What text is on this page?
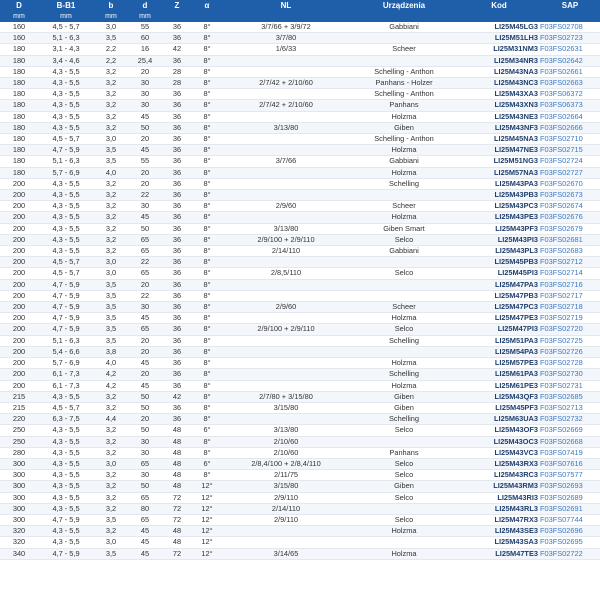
D	B-B1	b	d	Z	α	NL	Urządzenia	Kod	SAP
mm	mm	mm	mm						
160	4,5 - 5,7	3,0	55	36	8°	3/7/66 + 3/9/72	Gabbiani	LI25M45LG3	F03FS02708
160	5,1 - 6,3	3,5	60	36	8°	3/7/80		LI25M51LH3	F03FS02723
180	3,1 - 4,3	2,2	16	42	8°	1/6/33	Scheer	LI25M31NM3	F03FS02631
180	3,4 - 4,6	2,2	25,4	36	8°			LI25M34NR3	F03FS02642
180	4,3 - 5,5	3,2	20	28	8°		Schelling - Anthon	LI25M43NA3	F03FS02661
180	4,3 - 5,5	3,2	30	28	8°	2/7/42 + 2/10/60	Panhans - Holzer	LI25M43NC3	F03FS02663
180	4,3 - 5,5	3,2	30	36	8°		Schelling - Anthon	LI25M43XA3	F03FS06372
180	4,3 - 5,5	3,2	30	36	8°	2/7/42 + 2/10/60	Panhans	LI25M43XN3	F03FS06373
180	4,3 - 5,5	3,2	45	36	8°		Holzma	LI25M43NE3	F03FS02664
180	4,3 - 5,5	3,2	50	36	8°	3/13/80	Giben	LI25M43NF3	F03FS02666
180	4,5 - 5,7	3,0	20	36	8°		Schelling - Anthon	LI25M45NA3	F03FS02710
180	4,7 - 5,9	3,5	45	36	8°		Holzma	LI25M47NE3	F03FS02715
180	5,1 - 6,3	3,5	55	36	8°	3/7/66	Gabbiani	LI25M51NG3	F03FS02724
180	5,7 - 6,9	4,0	20	36	8°		Holzma	LI25M57NA3	F03FS02727
200	4,3 - 5,5	3,2	20	36	8°		Schelling	LI25M43PA3	F03FS02670
200	4,3 - 5,5	3,2	22	36	8°			LI25M43PB3	F03FS02673
200	4,3 - 5,5	3,2	30	36	8°	2/9/60	Scheer	LI25M43PC3	F03FS02674
200	4,3 - 5,5	3,2	45	36	8°		Holzma	LI25M43PE3	F03FS02676
200	4,3 - 5,5	3,2	50	36	8°	3/13/80	Giben Smart	LI25M43PF3	F03FS02679
200	4,3 - 5,5	3,2	65	36	8°	2/9/100 + 2/9/110	Selco	LI25M43PI3	F03FS02681
200	4,3 - 5,5	3,2	65	36	8°	2/14/110	Gabbiani	LI25M43PL3	F03FS02683
200	4,5 - 5,7	3,0	22	36	8°			LI25M45PB3	F03FS02712
200	4,5 - 5,7	3,0	65	36	8°	2/8,5/110	Selco	LI25M45PI3	F03FS02714
200	4,7 - 5,9	3,5	20	36	8°			LI25M47PA3	F03FS02716
200	4,7 - 5,9	3,5	22	36	8°			LI25M47PB3	F03FS02717
200	4,7 - 5,9	3,5	30	36	8°	2/9/60	Scheer	LI25M47PC3	F03FS02718
200	4,7 - 5,9	3,5	45	36	8°		Holzma	LI25M47PE3	F03FS02719
200	4,7 - 5,9	3,5	65	36	8°	2/9/100 + 2/9/110	Selco	LI25M47PI3	F03FS02720
200	5,1 - 6,3	3,5	20	36	8°		Schelling	LI25M51PA3	F03FS02725
200	5,4 - 6,6	3,8	20	36	8°			LI25M54PA3	F03FS02726
200	5,7 - 6,9	4,0	45	36	8°		Holzma	LI25M57PE3	F03FS02728
200	6,1 - 7,3	4,2	20	36	8°		Schelling	LI25M61PA3	F03FS02730
200	6,1 - 7,3	4,2	45	36	8°		Holzma	LI25M61PE3	F03FS02731
215	4,3 - 5,5	3,2	50	42	8°	2/7/80 + 3/15/80	Giben	LI25M43QF3	F03FS02685
215	4,5 - 5,7	3,2	50	36	8°	3/15/80	Giben	LI25M45PF3	F03FS02713
220	6,3 - 7,5	4,4	20	36	8°		Schelling	LI25M63UA3	F03FS02732
250	4,3 - 5,5	3,2	50	48	6°	3/13/80	Selco	LI25M43OF3	F03FS02669
250	4,3 - 5,5	3,2	30	48	8°	2/10/60		LI25M43OC3	F03FS02668
280	4,3 - 5,5	3,2	30	48	8°	2/10/60	Panhans	LI25M43VC3	F03FS07419
300	4,3 - 5,5	3,0	65	48	6°	2/8,4/100 + 2/8,4/110	Selco	LI25M43RX3	F03FS07616
300	4,3 - 5,5	3,2	30	48	8°	2/11/75	Selco	LI25M43RC3	F03FS07577
300	4,3 - 5,5	3,2	50	48	12°	3/15/80	Giben	LI25M43RM3	F03FS02693
300	4,3 - 5,5	3,2	65	72	12°	2/9/110	Selco	LI25M43RI3	F03FS02689
300	4,3 - 5,5	3,2	80	72	12°	2/14/110		LI25M43RL3	F03FS02691
300	4,7 - 5,9	3,5	65	72	12°	2/9/110	Selco	LI25M47RX3	F03FS07744
320	4,3 - 5,5	3,2	45	48	12°		Holzma	LI25M43SE3	F03FS02696
320	4,3 - 5,5	3,0	45	48	12°			LI25M43SA3	F03FS02695
340	4,7 - 5,9	3,5	45	72	12°	3/14/65	Holzma	LI25M47TE3	F03FS02722
